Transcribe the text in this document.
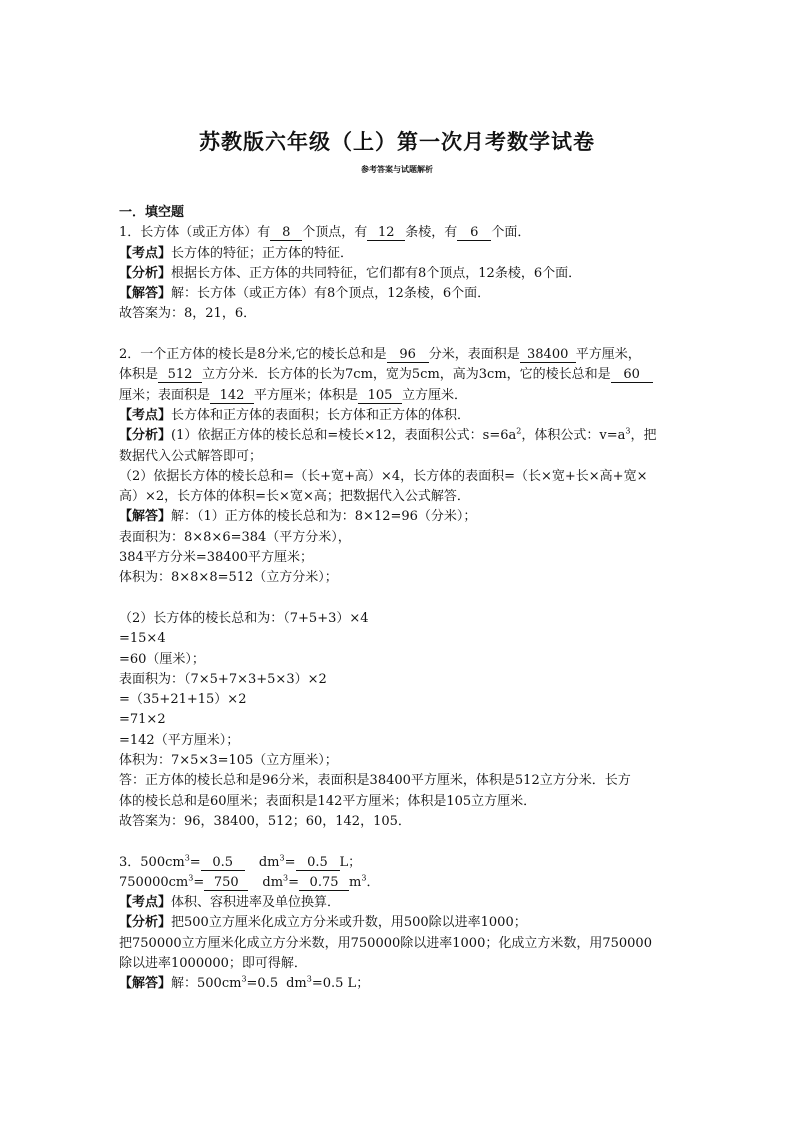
苏教版六年级（上）第一次月考数学试卷
参考答案与试题解析
一．填空题
1．长方体（或正方体）有 8 个顶点，有 12 条棱，有 6 个面．
【考点】长方体的特征；正方体的特征．
【分析】根据长方体、正方体的共同特征，它们都有8个顶点，12条棱，6个面．
【解答】解：长方体（或正方体）有8个顶点，12条棱，6个面．
故答案为：8，21，6．
2．一个正方体的棱长是8分米,它的棱长总和是 96 分米，表面积是 38400 平方厘米，
体积是 512 立方分米．长方体的长为7cm，宽为5cm，高为3cm，它的棱长总和是 60
厘米；表面积是 142 平方厘米；体积是 105 立方厘米．
【考点】长方体和正方体的表面积；长方体和正方体的体积．
【分析】(1）依据正方体的棱长总和=棱长×12，表面积公式：$s=6a^2$，体积公式：$v=a^3$，把
数据代入公式解答即可；
（2）依据长方体的棱长总和=（长+宽+高）×4，长方体的表面积=（长×宽+长×高+宽×
高）×2，长方体的体积=长×宽×高；把数据代入公式解答．
【解答】解：（1）正方体的棱长总和为：8×12=96（分米）；
表面积为：8×8×6=384（平方分米），
384平方分米=38400平方厘米；
体积为：8×8×8=512（立方分米）；
（2）长方体的棱长总和为：（7+5+3）×4
=15×4
=60（厘米）；
表面积为：（7×5+7×3+5×3）×2
=（35+21+15）×2
=71×2
=142（平方厘米）；
体积为：7×5×3=105（立方厘米）；
答：正方体的棱长总和是96分米，表面积是38400平方厘米，体积是512立方分米．长方
体的棱长总和是60厘米；表面积是142平方厘米；体积是105立方厘米．
故答案为：96，38400，512；60，142，105．
3．$500cm^3= 0.5$ $dm^3= 0.5$ L；
$750000cm^3= 750$ $dm^3= 0.75$ $m^3$．
【考点】体积、容积进率及单位换算．
【分析】把500立方厘米化成立方分米或升数，用500除以进率1000；
把750000立方厘米化成立方分米数，用750000除以进率1000；化成立方米数，用750000
除以进率1000000；即可得解．
【解答】解：$500cm^3=0.5$ $dm^3=0.5$ L；
